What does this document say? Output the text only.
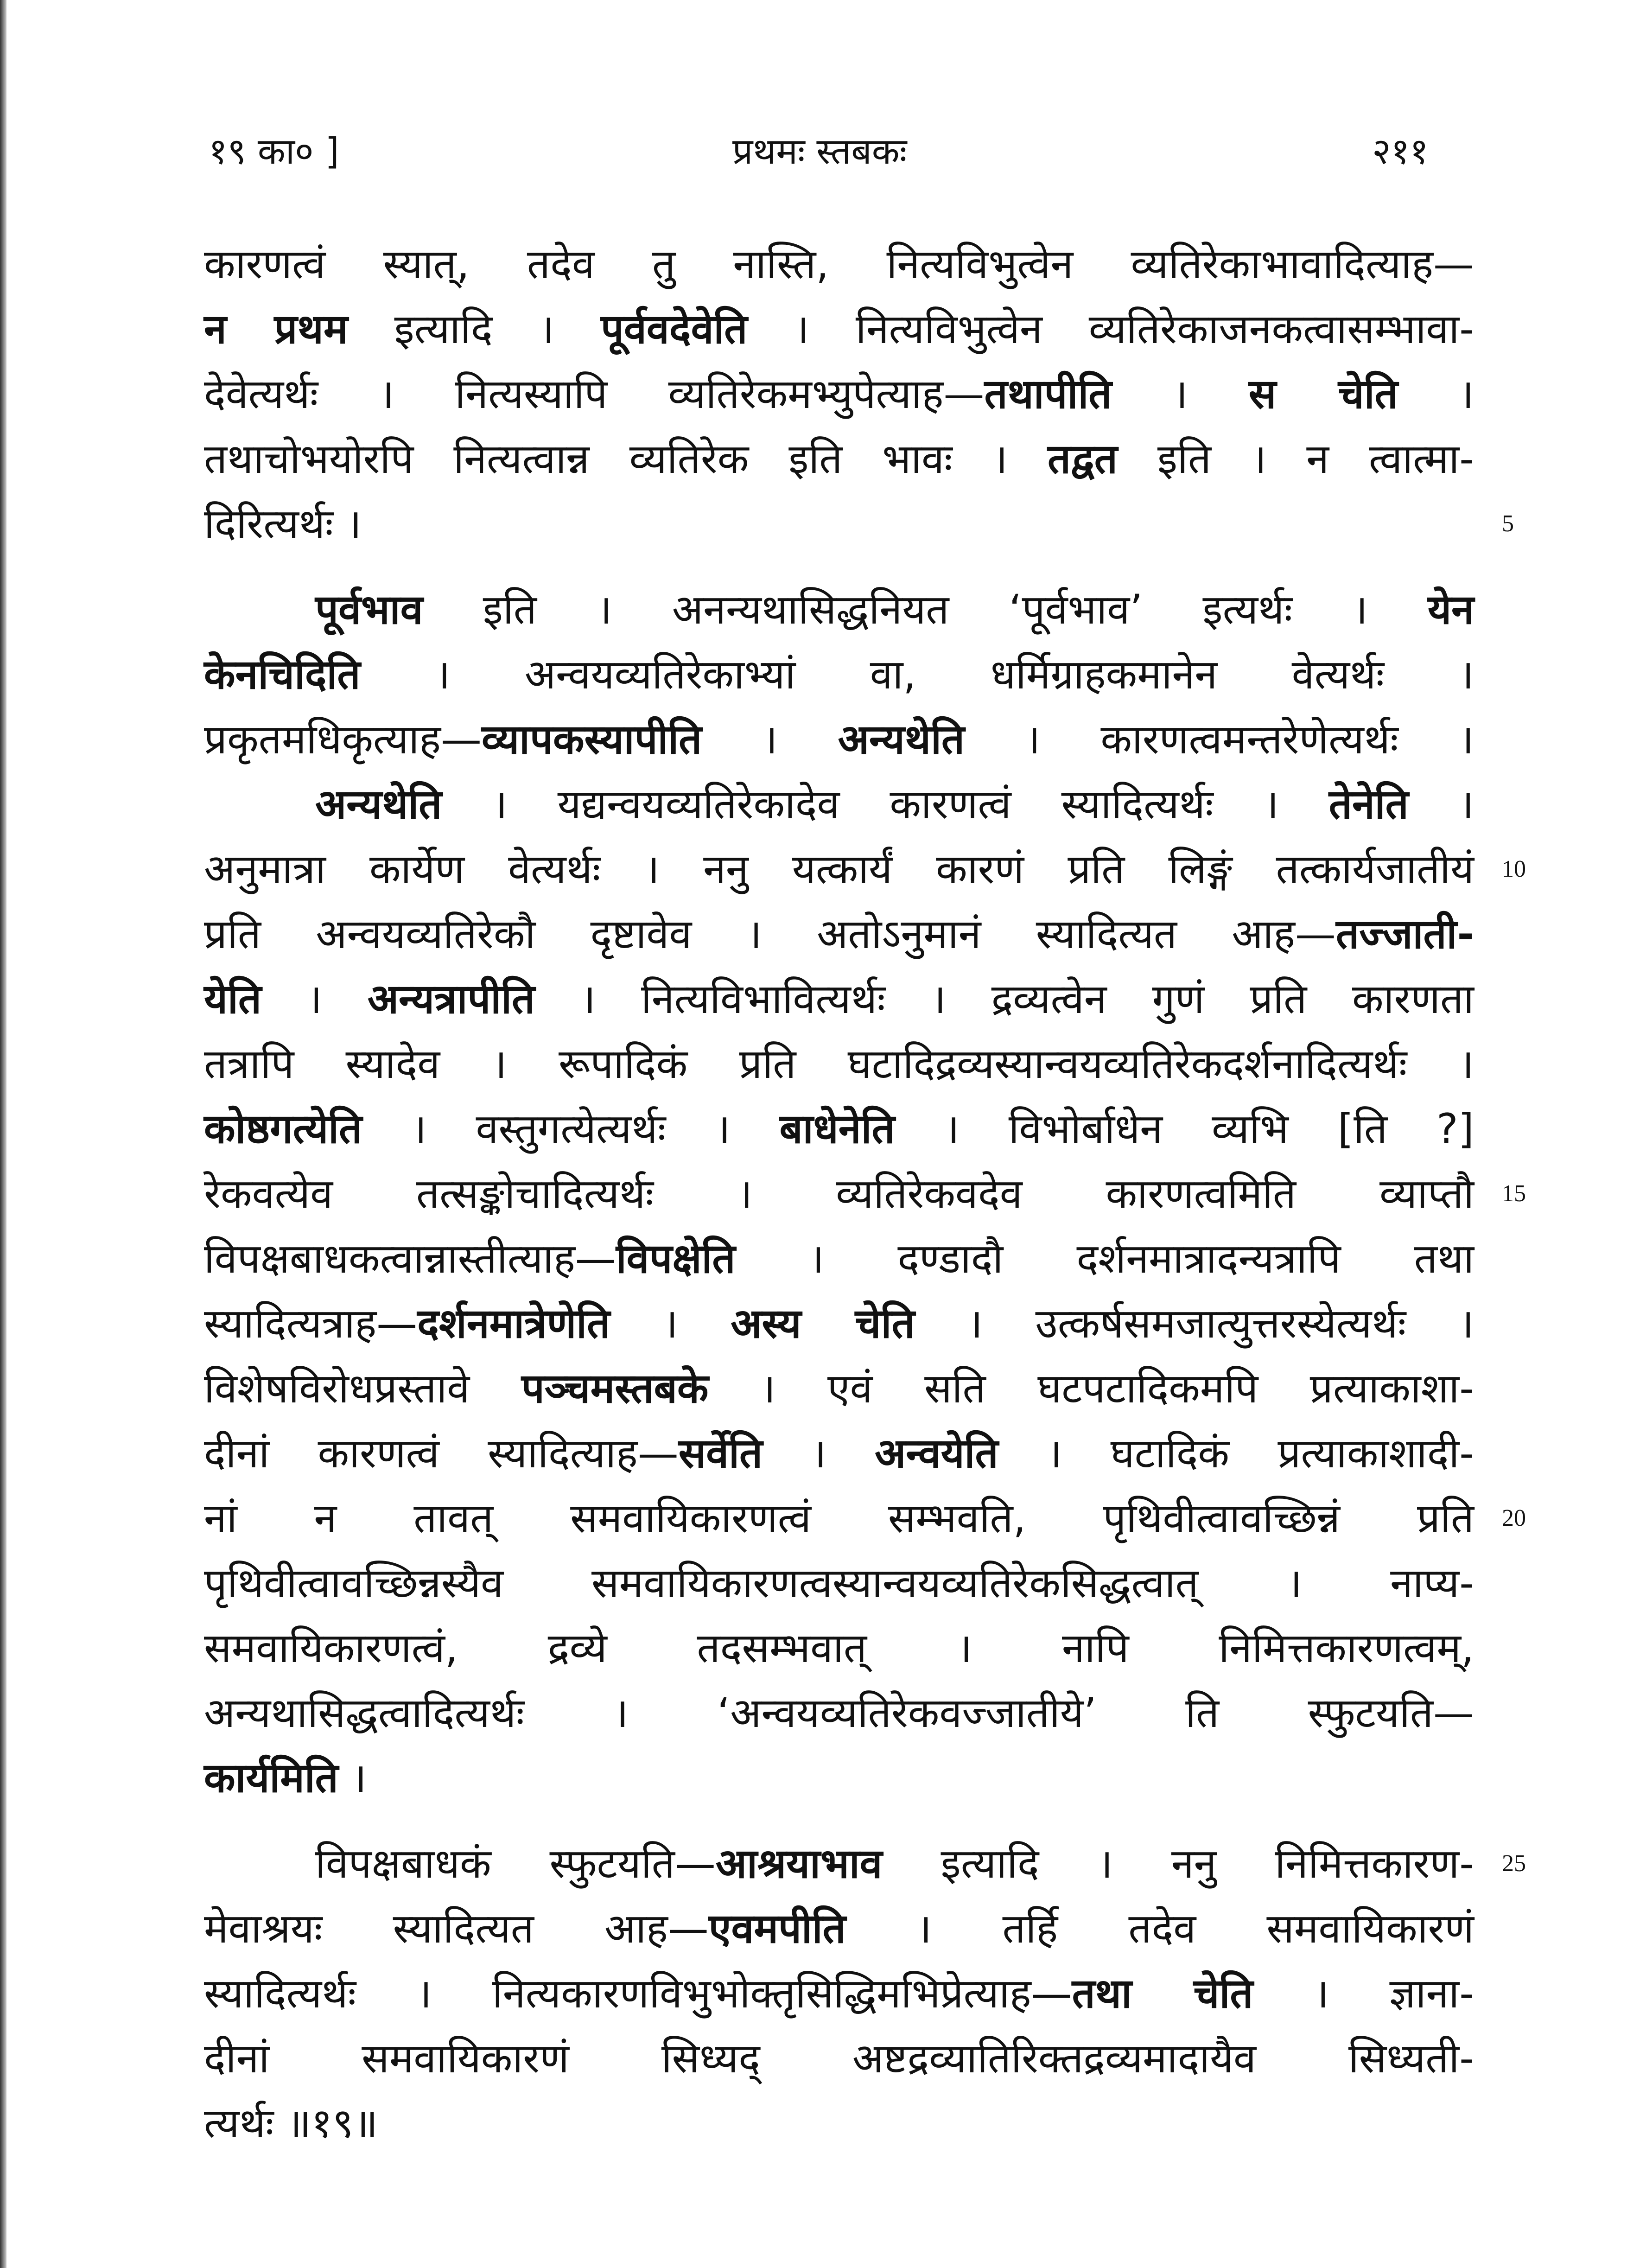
१९ का० ]	प्रथमः स्तबकः	२११
कारणत्वं स्यात्, तदेव तु नास्ति, नित्यविभुत्वेन व्यतिरेकाभावादित्याह—
न प्रथम इत्यादि । पूर्ववदेवेति । नित्यविभुत्वेन व्यतिरेकाजनकत्वासम्भावा-
देवेत्यर्थः । नित्यस्यापि व्यतिरेकमभ्युपेत्याह—तथापीति । स चेति ।
तथाचोभयोरपि नित्यत्वान्न व्यतिरेक इति भावः । तद्वत इति । न त्वात्मा-
दिरित्यर्थः ।	5
पूर्वभाव इति । अनन्यथासिद्धनियत ‘पूर्वभाव’ इत्यर्थः । येन
केनचिदिति । अन्वयव्यतिरेकाभ्यां वा, धर्मिग्राहकमानेन वेत्यर्थः ।
प्रकृतमधिकृत्याह—व्यापकस्यापीति । अन्यथेति । कारणत्वमन्तरेणेत्यर्थः ।
अन्यथेति । यद्यन्वयव्यतिरेकादेव कारणत्वं स्यादित्यर्थः । तेनेति ।
अनुमात्रा कार्येण वेत्यर्थः । ननु यत्कार्यं कारणं प्रति लिङ्गं तत्कार्यजातीयं 10
प्रति अन्वयव्यतिरेकौ दृष्टावेव । अतोऽनुमानं स्यादित्यत आह—तज्जाती-
येति । अन्यत्रापीति । नित्यविभावित्यर्थः । द्रव्यत्वेन गुणं प्रति कारणता
तत्रापि स्यादेव । रूपादिकं प्रति घटादिद्रव्यस्यान्वयव्यतिरेकदर्शनादित्यर्थः ।
कोष्ठगत्येति । वस्तुगत्येत्यर्थः । बाधेनेति । विभोर्बाधेन व्यभि [ति ?]
रेकवत्येव तत्सङ्कोचादित्यर्थः । व्यतिरेकवदेव कारणत्वमिति व्याप्तौ 15
विपक्षबाधकत्वान्नास्तीत्याह—विपक्षेति । दण्डादौ दर्शनमात्रादन्यत्रापि तथा
स्यादित्यत्राह—दर्शनमात्रेणेति । अस्य चेति । उत्कर्षसमजात्युत्तरस्येत्यर्थः ।
विशेषविरोधप्रस्तावे पञ्चमस्तबके । एवं सति घटपटादिकमपि प्रत्याकाशा-
दीनां कारणत्वं स्यादित्याह—सर्वेति । अन्वयेति । घटादिकं प्रत्याकाशादी-
नां न तावत् समवायिकारणत्वं सम्भवति, पृथिवीत्वावच्छिन्नं प्रति 20
पृथिवीत्वावच्छिन्नस्यैव समवायिकारणत्वस्यान्वयव्यतिरेकसिद्धत्वात् । नाप्य-
समवायिकारणत्वं, द्रव्ये तदसम्भवात् । नापि निमित्तकारणत्वम्,
अन्यथासिद्धत्वादित्यर्थः । ‘अन्वयव्यतिरेकवज्जातीये’ ति स्फुटयति—
कार्यमिति ।
विपक्षबाधकं स्फुटयति—आश्रयाभाव इत्यादि । ननु निमित्तकारण- 25
मेवाश्रयः स्यादित्यत आह—एवमपीति । तर्हि तदेव समवायिकारणं
स्यादित्यर्थः । नित्यकारणविभुभोक्तृसिद्धिमभिप्रेत्याह—तथा चेति । ज्ञाना-
दीनां समवायिकारणं सिध्यद् अष्टद्रव्यातिरिक्तद्रव्यमादायैव सिध्यती-
त्यर्थः ॥१९॥
